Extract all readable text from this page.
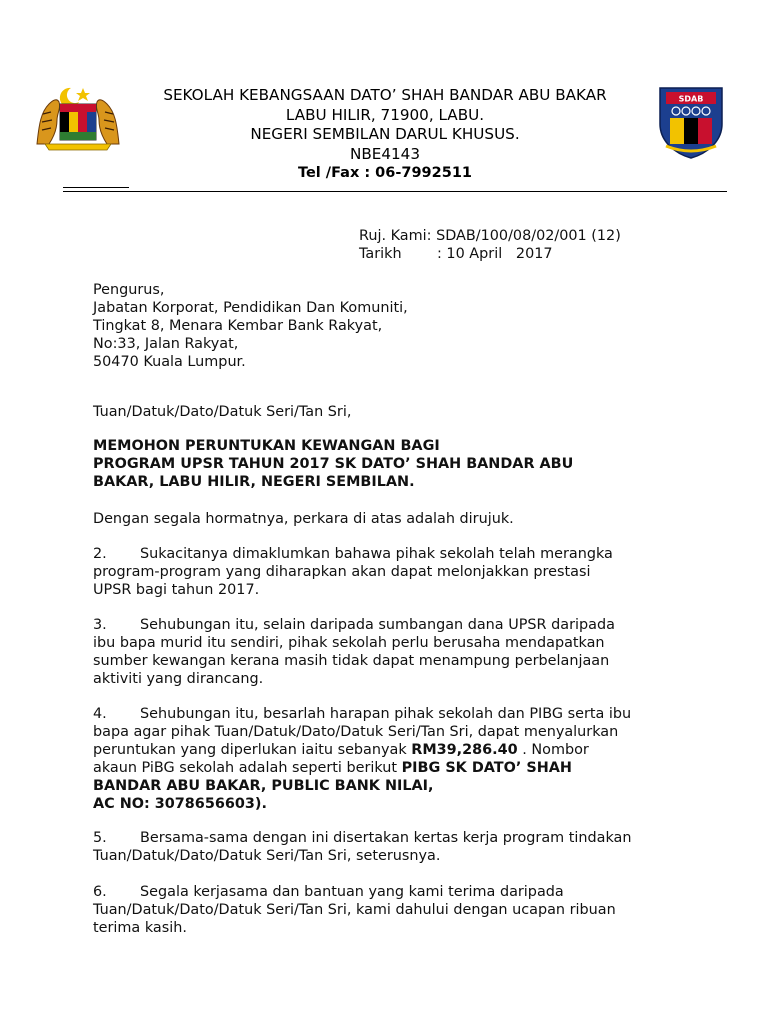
SDAB
SEKOLAH KEBANGSAAN DATO’ SHAH BANDAR ABU BAKAR
LABU HILIR, 71900, LABU.
NEGERI SEMBILAN DARUL KHUSUS.
NBE4143
Tel /Fax : 06-7992511
Ruj. Kami: SDAB/100/08/02/001 (12)
Tarikh : 10 April   2017
Pengurus,
Jabatan Korporat, Pendidikan Dan Komuniti,
Tingkat 8, Menara Kembar Bank Rakyat,
No:33, Jalan Rakyat,
50470 Kuala Lumpur.
Tuan/Datuk/Dato/Datuk Seri/Tan Sri,
MEMOHON PERUNTUKAN KEWANGAN BAGI
PROGRAM UPSR TAHUN 2017 SK DATO’ SHAH BANDAR ABU
BAKAR, LABU HILIR, NEGERI SEMBILAN.
Dengan segala hormatnya, perkara di atas adalah dirujuk.
2. Sukacitanya dimaklumkan bahawa pihak sekolah telah merangka
program-program yang diharapkan akan dapat melonjakkan prestasi
UPSR bagi tahun 2017.
3. Sehubungan itu, selain daripada sumbangan dana UPSR daripada
ibu bapa murid itu sendiri, pihak sekolah perlu berusaha mendapatkan
sumber kewangan kerana masih tidak dapat menampung perbelanjaan
aktiviti yang dirancang.
4. Sehubungan itu, besarlah harapan pihak sekolah dan PIBG serta ibu
bapa agar pihak Tuan/Datuk/Dato/Datuk Seri/Tan Sri, dapat menyalurkan
peruntukan yang diperlukan iaitu sebanyak RM39,286.40 . Nombor
akaun PiBG sekolah adalah seperti berikut PIBG SK DATO’ SHAH
BANDAR ABU BAKAR, PUBLIC BANK NILAI,
AC NO: 3078656603).
5. Bersama-sama dengan ini disertakan kertas kerja program tindakan
Tuan/Datuk/Dato/Datuk Seri/Tan Sri, seterusnya.
6. Segala kerjasama dan bantuan yang kami terima daripada
Tuan/Datuk/Dato/Datuk Seri/Tan Sri, kami dahului dengan ucapan ribuan
terima kasih.
